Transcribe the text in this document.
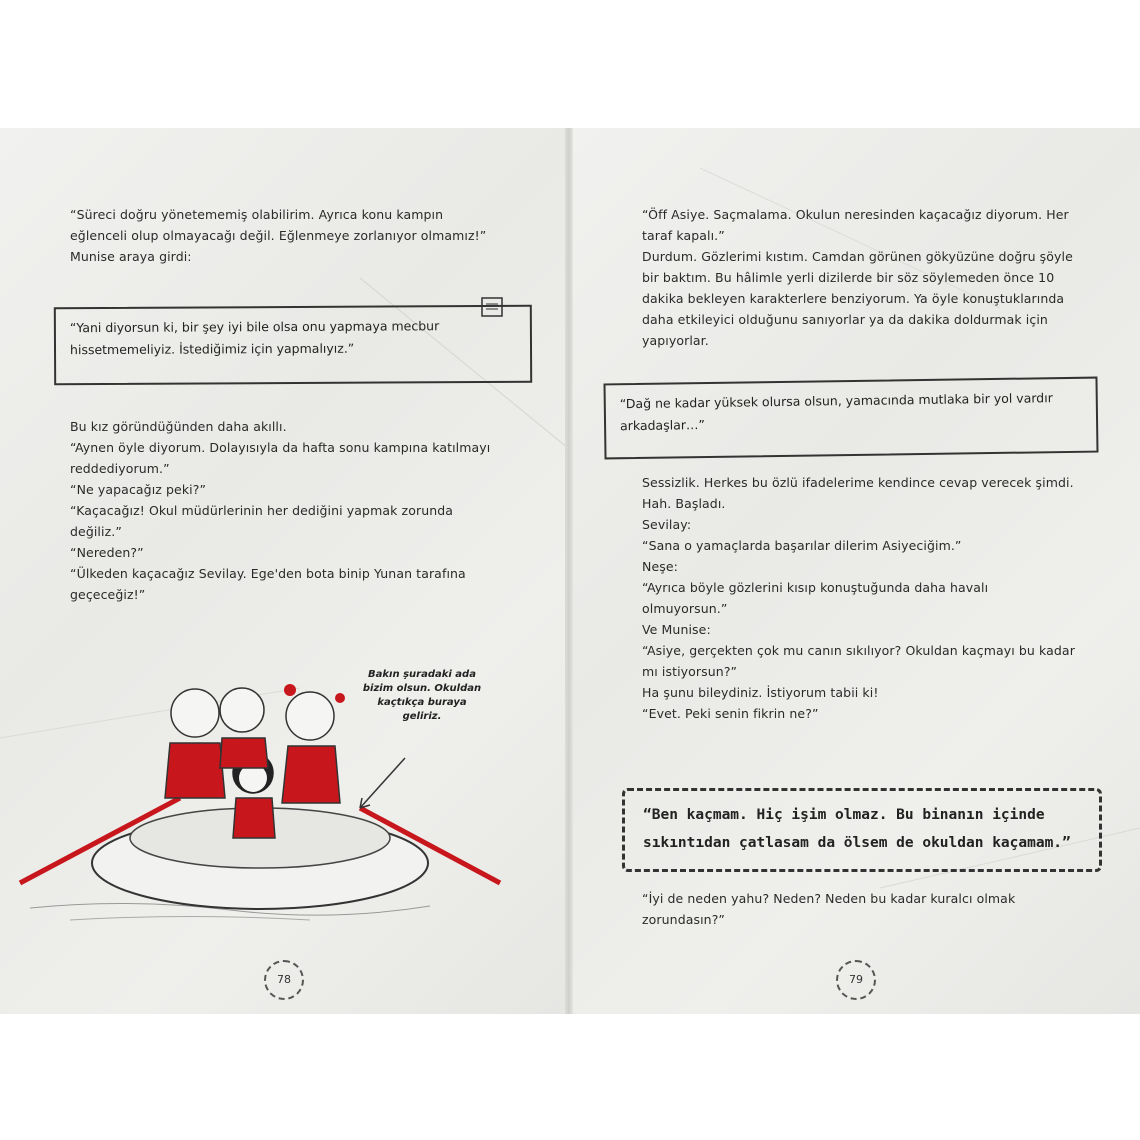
“Süreci doğru yönetememiş olabilirim. Ayrıca konu kampın eğlenceli olup olmayacağı değil. Eğlenmeye zorlanıyor olmamız!”

Munise araya girdi:

“Yani diyorsun ki, bir şey iyi bile olsa onu yapmaya mecbur hissetmemeliyiz. İstediğimiz için yapmalıyız.”

Bu kız göründüğünden daha akıllı.

“Aynen öyle diyorum. Dolayısıyla da hafta sonu kampına katılmayı reddediyorum.”

“Ne yapacağız peki?”

“Kaçacağız! Okul müdürlerinin her dediğini yapmak zorunda değiliz.”

“Nereden?”

“Ülkeden kaçacağız Sevilay. Ege'den bota binip Yunan tarafına geçeceğiz!”

Bakın şuradaki ada bizim olsun. Okuldan kaçtıkça buraya geliriz.
78

“Öff Asiye. Saçmalama. Okulun neresinden kaçacağız diyorum. Her taraf kapalı.”

Durdum. Gözlerimi kıstım. Camdan görünen gökyüzüne doğru şöyle bir baktım. Bu hâlimle yerli dizilerde bir söz söylemeden önce 10 dakika bekleyen karakterlere benziyorum. Ya öyle konuştuklarında daha etkileyici olduğunu sanıyorlar ya da dakika doldurmak için yapıyorlar.

“Dağ ne kadar yüksek olursa olsun, yamacında mutlaka bir yol vardır arkadaşlar…”

Sessizlik. Herkes bu özlü ifadelerime kendince cevap verecek şimdi. Hah. Başladı.

Sevilay:

“Sana o yamaçlarda başarılar dilerim Asiyeciğim.”

Neşe:

“Ayrıca böyle gözlerini kısıp konuştuğunda daha havalı olmuyorsun.”

Ve Munise:

“Asiye, gerçekten çok mu canın sıkılıyor? Okuldan kaçmayı bu kadar mı istiyorsun?”

Ha şunu bileydiniz. İstiyorum tabii ki!

“Evet. Peki senin fikrin ne?”

“Ben kaçmam. Hiç işim olmaz. Bu binanın içinde sıkıntıdan çatlasam da ölsem de okuldan kaçamam.”

“İyi de neden yahu? Neden? Neden bu kadar kuralcı olmak zorundasın?”

79
